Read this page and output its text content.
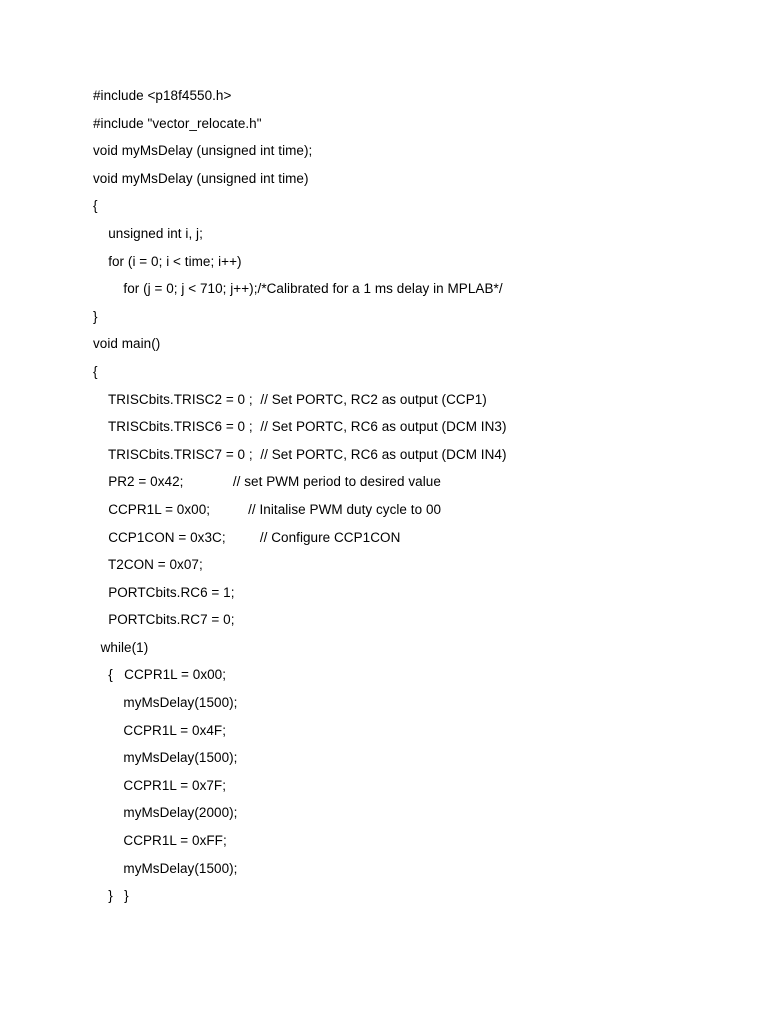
#include <p18f4550.h>
#include "vector_relocate.h"
void myMsDelay (unsigned int time);
void myMsDelay (unsigned int time)
{
unsigned int i, j;
for (i = 0; i < time; i++)
for (j = 0; j < 710; j++);/*Calibrated for a 1 ms delay in MPLAB*/
}
void main()
{
TRISCbits.TRISC2 = 0 ;  // Set PORTC, RC2 as output (CCP1)
TRISCbits.TRISC6 = 0 ;  // Set PORTC, RC6 as output (DCM IN3)
TRISCbits.TRISC7 = 0 ;  // Set PORTC, RC6 as output (DCM IN4)
PR2 = 0x42;             // set PWM period to desired value
CCPR1L = 0x00;          // Initalise PWM duty cycle to 00
CCP1CON = 0x3C;         // Configure CCP1CON
T2CON = 0x07;
PORTCbits.RC6 = 1;
PORTCbits.RC7 = 0;
while(1)
{   CCPR1L = 0x00;
myMsDelay(1500);
CCPR1L = 0x4F;
myMsDelay(1500);
CCPR1L = 0x7F;
myMsDelay(2000);
CCPR1L = 0xFF;
myMsDelay(1500);
}   }
